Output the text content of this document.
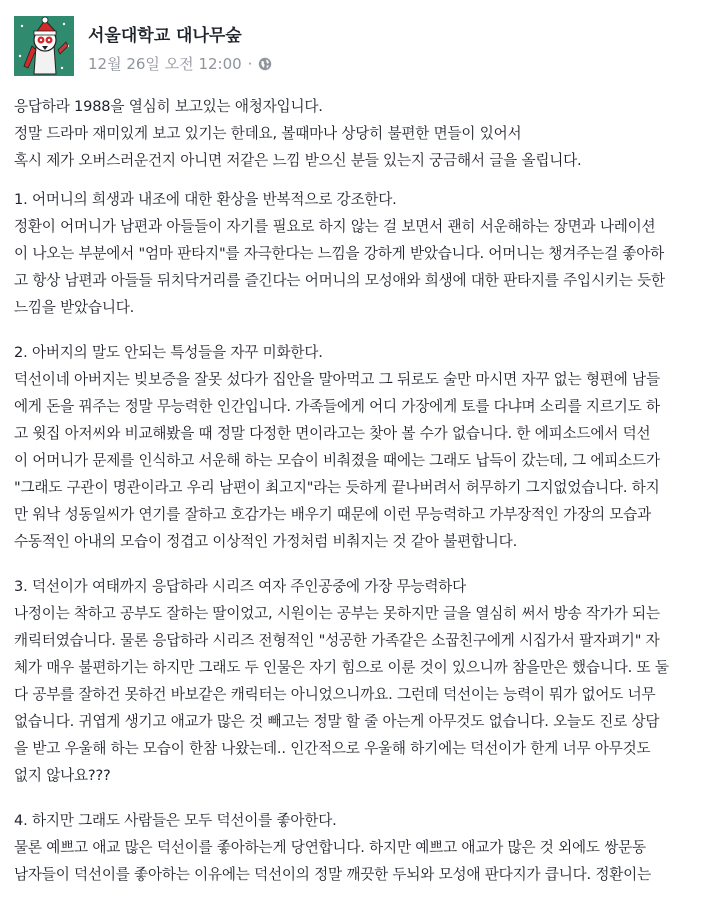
서울대학교 대나무숲
12월 26일 오전 12:00 ·
응답하라 1988을 열심히 보고있는 애청자입니다.
정말 드라마 재미있게 보고 있기는 한데요, 볼때마나 상당히 불편한 면들이 있어서
혹시 제가 오버스러운건지 아니면 저같은 느낌 받으신 분들 있는지 궁금해서 글을 올립니다.
1. 어머니의 희생과 내조에 대한 환상을 반복적으로 강조한다.
정환이 어머니가 남편과 아들들이 자기를 필요로 하지 않는 걸 보면서 괜히 서운해하는 장면과 나레이션
이 나오는 부분에서 "엄마 판타지"를 자극한다는 느낌을 강하게 받았습니다. 어머니는 챙겨주는걸 좋아하
고 항상 남편과 아들들 뒤치닥거리를 즐긴다는 어머니의 모성애와 희생에 대한 판타지를 주입시키는 듯한
느낌을 받았습니다.
2. 아버지의 말도 안되는 특성들을 자꾸 미화한다.
덕선이네 아버지는 빚보증을 잘못 섰다가 집안을 말아먹고 그 뒤로도 술만 마시면 자꾸 없는 형편에 남들
에게 돈을 꿔주는 정말 무능력한 인간입니다. 가족들에게 어디 가장에게 토를 다냐며 소리를 지르기도 하
고 윗집 아저씨와 비교해봤을 때 정말 다정한 면이라고는 찾아 볼 수가 없습니다. 한 에피소드에서 덕선
이 어머니가 문제를 인식하고 서운해 하는 모습이 비춰졌을 때에는 그래도 납득이 갔는데, 그 에피소드가
"그래도 구관이 명관이라고 우리 남편이 최고지"라는 듯하게 끝나버려서 허무하기 그지없었습니다. 하지
만 워낙 성동일씨가 연기를 잘하고 호감가는 배우기 때문에 이런 무능력하고 가부장적인 가장의 모습과
수동적인 아내의 모습이 정겹고 이상적인 가정처럼 비춰지는 것 같아 불편합니다.
3. 덕선이가 여태까지 응답하라 시리즈 여자 주인공중에 가장 무능력하다
나정이는 착하고 공부도 잘하는 딸이었고, 시원이는 공부는 못하지만 글을 열심히 써서 방송 작가가 되는
캐릭터였습니다. 물론 응답하라 시리즈 전형적인 "성공한 가족같은 소꿉친구에게 시집가서 팔자펴기" 자
체가 매우 불편하기는 하지만 그래도 두 인물은 자기 힘으로 이룬 것이 있으니까 참을만은 했습니다. 또 둘
다 공부를 잘하건 못하건 바보같은 캐릭터는 아니었으니까요. 그런데 덕선이는 능력이 뭐가 없어도 너무
없습니다. 귀엽게 생기고 애교가 많은 것 빼고는 정말 할 줄 아는게 아무것도 없습니다. 오늘도 진로 상담
을 받고 우울해 하는 모습이 한참 나왔는데.. 인간적으로 우울해 하기에는 덕선이가 한게 너무 아무것도
없지 않나요???
4. 하지만 그래도 사람들은 모두 덕선이를 좋아한다.
물론 예쁘고 애교 많은 덕선이를 좋아하는게 당연합니다. 하지만 예쁘고 애교가 많은 것 외에도 쌍문동
남자들이 덕선이를 좋아하는 이유에는 덕선이의 정말 깨끗한 두뇌와 모성애 판다지가 큽니다. 정환이는
